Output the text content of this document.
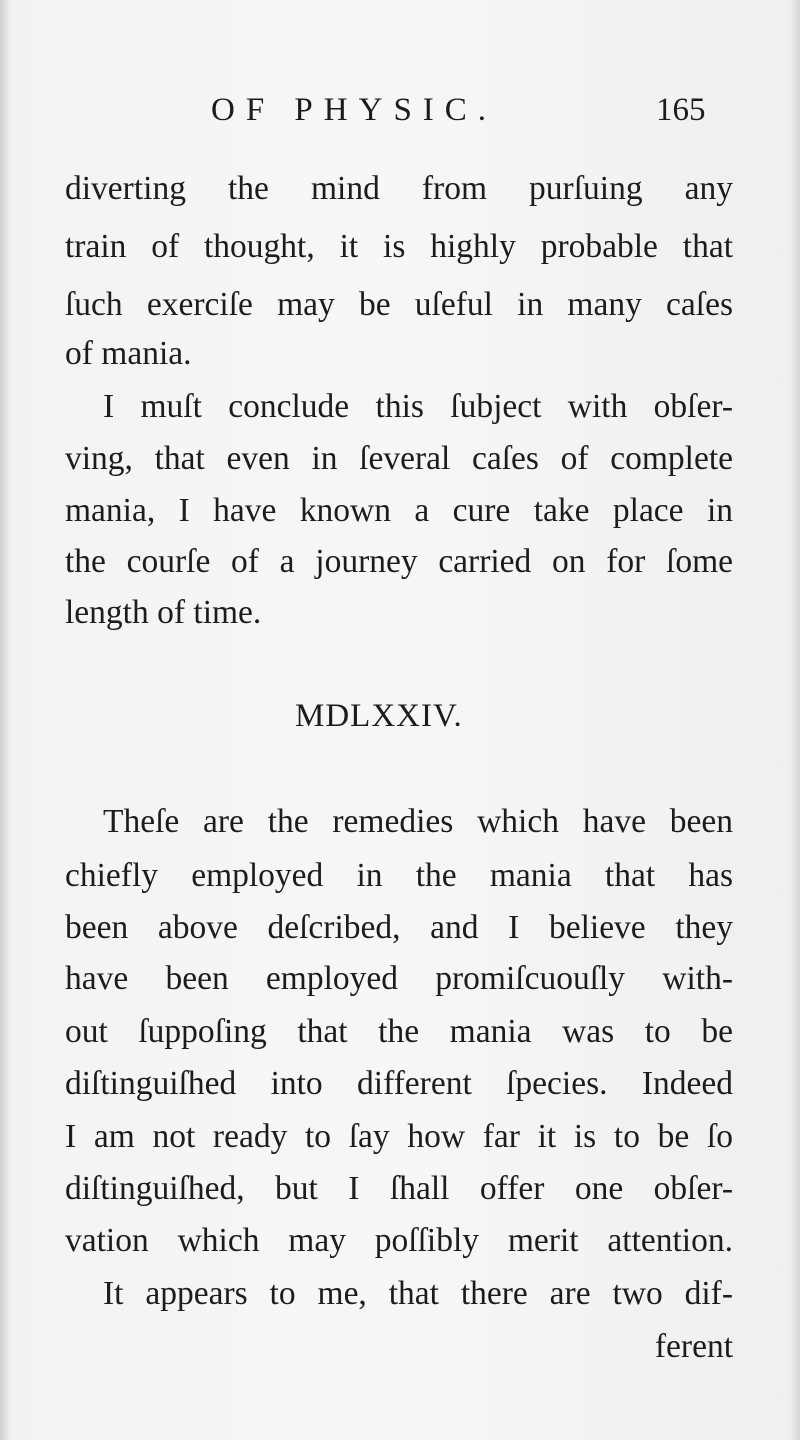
OF PHYSIC.	165
diverting the mind from purſuing any
train of thought, it is highly probable that
ſuch exerciſe may be uſeful in many caſes
of mania.
I muſt conclude this ſubject with obſer-
ving, that even in ſeveral caſes of complete
mania, I have known a cure take place in
the courſe of a journey carried on for ſome
length of time.
MDLXXIV.
Theſe are the remedies which have been
chiefly employed in the mania that has
been above deſcribed, and I believe they
have been employed promiſcuouſly with-
out ſuppoſing that the mania was to be
diſtinguiſhed into different ſpecies. Indeed
I am not ready to ſay how far it is to be ſo
diſtinguiſhed, but I ſhall offer one obſer-
vation which may poſſibly merit attention.
It appears to me, that there are two dif-
ferent
